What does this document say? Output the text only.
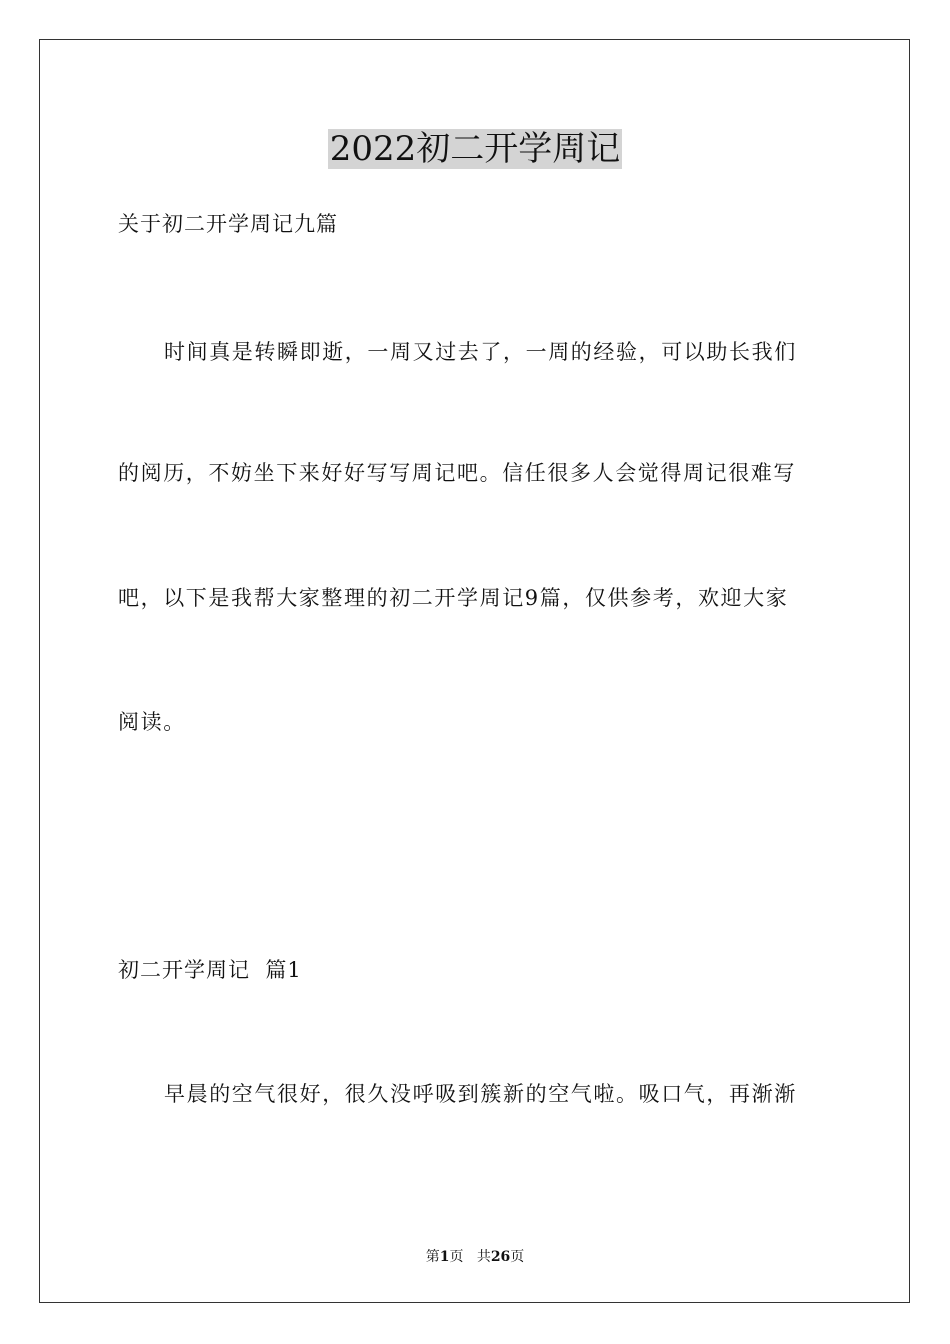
2022初二开学周记
关于初二开学周记九篇
时间真是转瞬即逝，一周又过去了，一周的经验，可以助长我们
的阅历，不妨坐下来好好写写周记吧。信任很多人会觉得周记很难写
吧，以下是我帮大家整理的初二开学周记9篇，仅供参考，欢迎大家
阅读。
初二开学周记  篇1
早晨的空气很好，很久没呼吸到簇新的空气啦。吸口气，再渐渐
第1页 共26页
